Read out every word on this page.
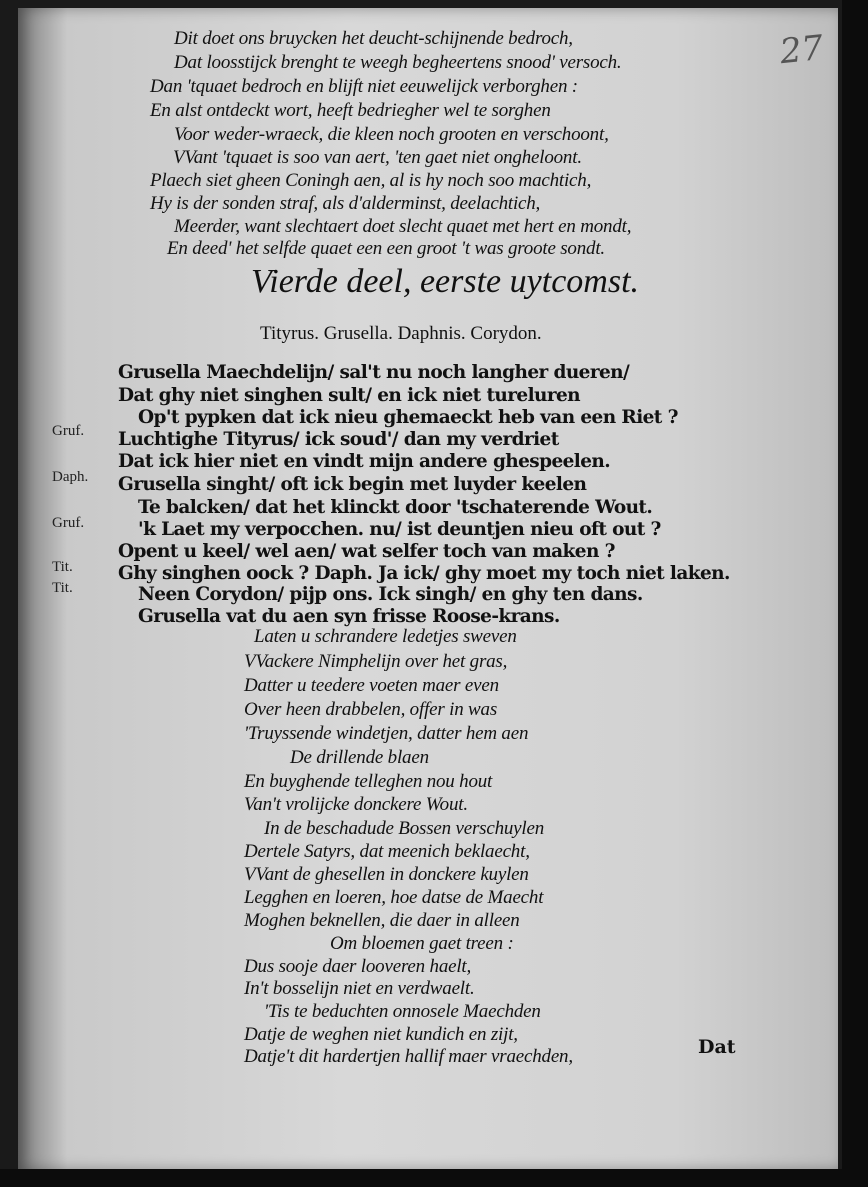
27
Dit doet ons bruycken het deucht-schijnende bedroch,
Dat loosstijck brenght te weegh begheertens snood' versoch.
Dan 'tquaet bedroch en blijft niet eeuwelijck verborghen :
En alst ontdeckt wort, heeft bedriegher wel te sorghen
Voor weder-wraeck, die kleen noch grooten en verschoont,
VVant 'tquaet is soo van aert, 'ten gaet niet ongheloont.
Plaech siet gheen Coningh aen, al is hy noch soo machtich,
Hy is der sonden straf, als d'alderminst, deelachtich,
Meerder, want slechtaert doet slecht quaet met hert en mondt,
En deed' het selfde quaet een een groot 't was groote sondt.
Vierde deel, eerste uytcomst.
Tityrus. Grusella. Daphnis. Corydon.
Gruf.
Daph.
Gruf.
Tit.
Tit.
Grusella Maechdelijn/ sal't nu noch langher dueren/
Dat ghy niet singhen sult/ en ick niet tureluren
Op't pypken dat ick nieu ghemaeckt heb van een Riet ?
Luchtighe Tityrus/ ick soud'/ dan my verdriet
Dat ick hier niet en vindt mijn andere ghespeelen.
Grusella singht/ oft ick begin met luyder keelen
Te balcken/ dat het klinckt door 'tschaterende Wout.
'k Laet my verpocchen. nu/ ist deuntjen nieu oft out ?
Opent u keel/ wel aen/ wat selfer toch van maken ?
Ghy singhen oock ? Daph. Ja ick/ ghy moet my toch niet laken.
Neen Corydon/ pijp ons. Ick singh/ en ghy ten dans.
Grusella vat du aen syn frisse Roose-krans.
Laten u schrandere ledetjes sweven
VVackere Nimphelijn over het gras,
Datter u teedere voeten maer even
Over heen drabbelen, offer in was
'Truyssende windetjen, datter hem aen
De drillende blaen
En buyghende telleghen nou hout
Van't vrolijcke donckere Wout.
In de beschadude Bossen verschuylen
Dertele Satyrs, dat meenich beklaecht,
VVant de ghesellen in donckere kuylen
Legghen en loeren, hoe datse de Maecht
Moghen beknellen, die daer in alleen
Om bloemen gaet treen :
Dus sooje daer looveren haelt,
In't bosselijn niet en verdwaelt.
'Tis te beduchten onnosele Maechden
Datje de weghen niet kundich en zijt,
Datje't dit hardertjen hallif maer vraechden,	Dat
